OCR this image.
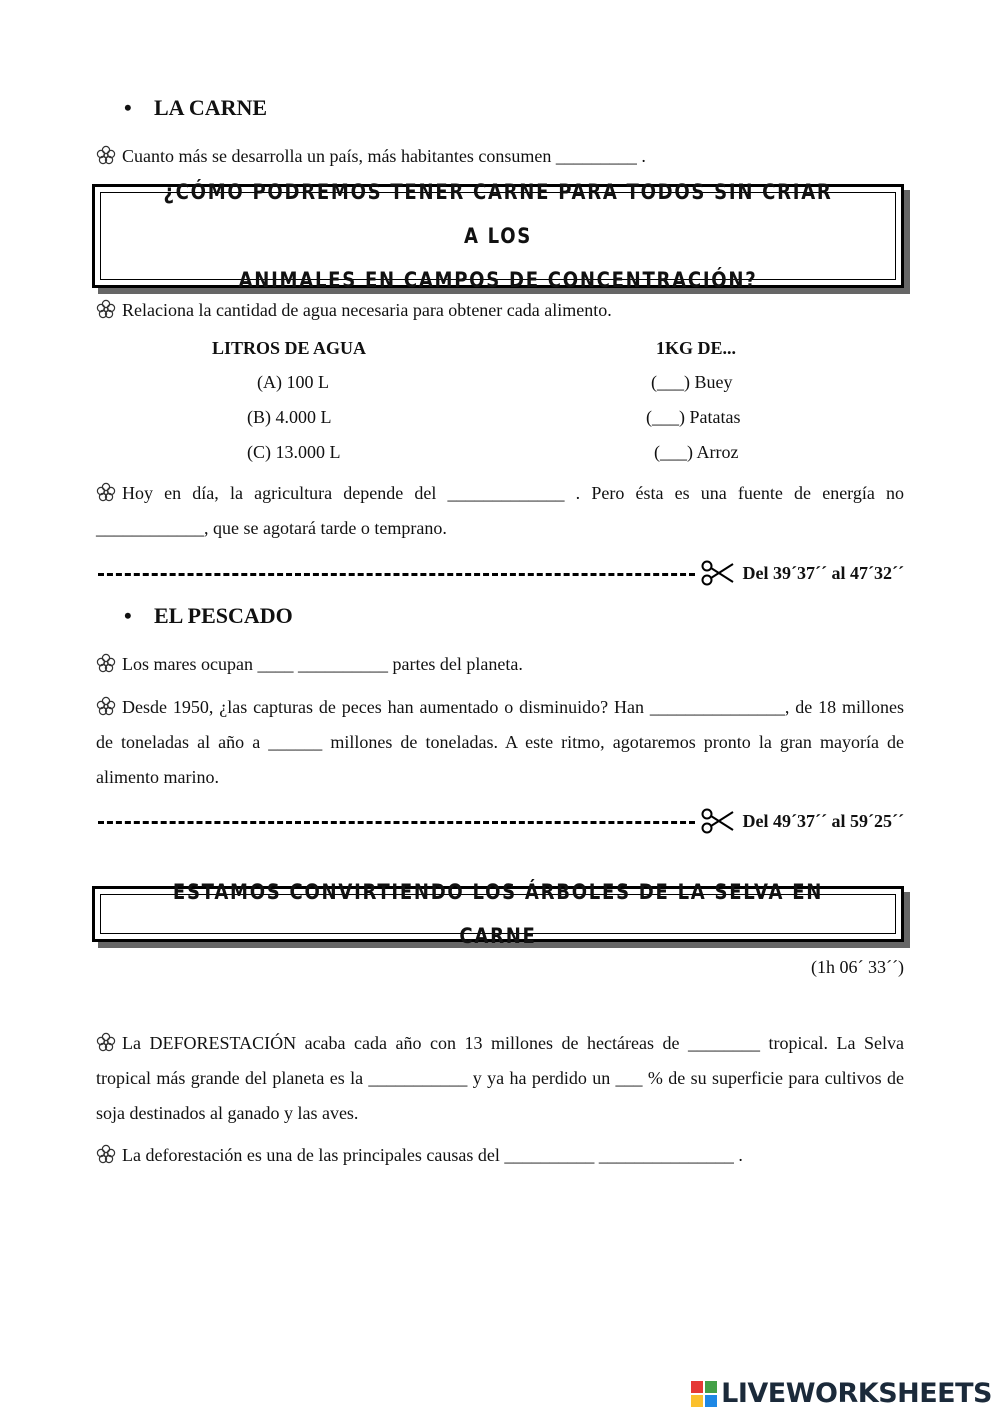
• LA CARNE
Cuanto más se desarrolla un país, más habitantes consumen _________ .
¿CÓMO PODREMOS TENER CARNE PARA TODOS SIN CRIAR A LOS
ANIMALES EN CAMPOS DE CONCENTRACIÓN?
Relaciona la cantidad de agua necesaria para obtener cada alimento.
LITROS DE AGUA	1KG DE...
(A) 100 L
(B) 4.000 L
(C) 13.000 L
(___) Buey
(___) Patatas
(___) Arroz
Hoy en día, la agricultura depende del _____________ . Pero ésta es una fuente de energía no ____________, que se agotará tarde o temprano.
Del 39´37´´ al 47´32´´
• EL PESCADO
Los mares ocupan ____ __________ partes del planeta.
Desde 1950, ¿las capturas de peces han aumentado o disminuido? Han _______________, de 18 millones de toneladas al año a ______ millones de toneladas. A este ritmo, agotaremos pronto la gran mayoría de alimento marino.
Del 49´37´´ al 59´25´´
ESTAMOS CONVIRTIENDO LOS ÁRBOLES DE LA SELVA EN CARNE
(1h 06´ 33´´)
La DEFORESTACIÓN acaba cada año con 13 millones de hectáreas de ________ tropical. La Selva tropical más grande del planeta es la ___________ y ya ha perdido un ___ % de su superficie para cultivos de soja destinados al ganado y las aves.
La deforestación es una de las principales causas del __________ _______________ .
LIVEWORKSHEETS
